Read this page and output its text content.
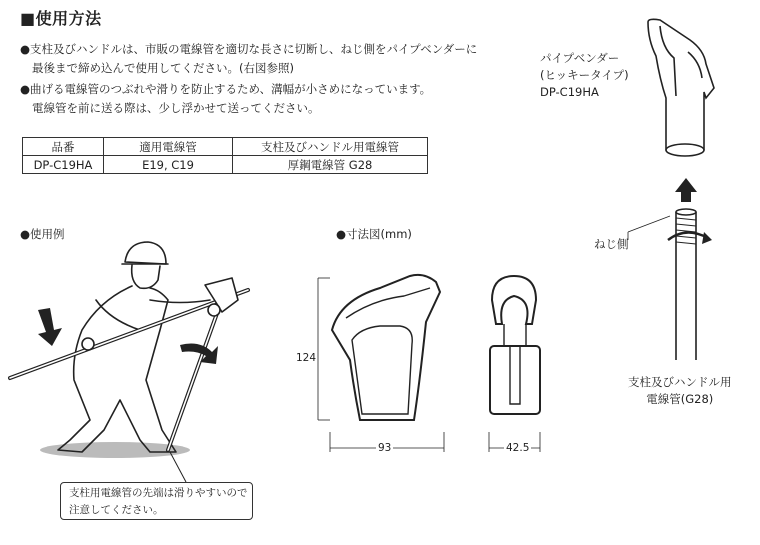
■使用方法
●支柱及びハンドルは、市販の電線管を適切な長さに切断し、ねじ側をパイプベンダーに
最後まで締め込んで使用してください。(右図参照)
●曲げる電線管のつぶれや滑りを防止するため、溝幅が小さめになっています。
電線管を前に送る際は、少し浮かせて送ってください。
品番	適用電線管	支柱及びハンドル用電線管
DP-C19HA	E19, C19	厚鋼電線管 G28
●使用例	●寸法図(mm)
124
93	42.5
支柱用電線管の先端は滑りやすいので
注意してください。
パイプベンダー
(ヒッキータイプ)
DP-C19HA
ねじ側
支柱及びハンドル用
電線管(G28)
